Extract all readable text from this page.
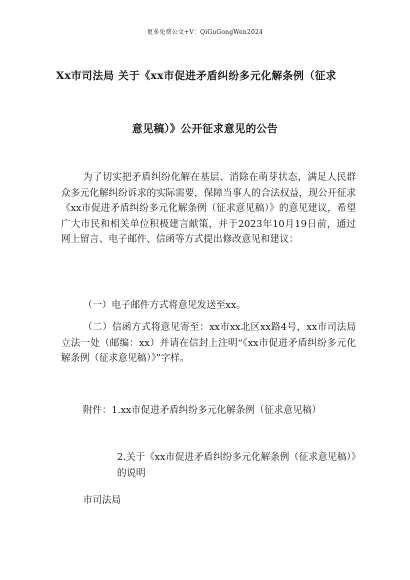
更多免费公文+V：QiGuGongWen2024
Xx市司法局 关于《xx市促进矛盾纠纷多元化解条例（征求
意见稿）》公开征求意见的公告
为了切实把矛盾纠纷化解在基层、消除在萌芽状态，满足人民群众多元化解纠纷诉求的实际需要，保障当事人的合法权益，现公开征求《xx市促进矛盾纠纷多元化解条例（征求意见稿）》的意见建议，希望广大市民和相关单位积极建言献策，并于2023年10月19日前，通过网上留言、电子邮件、信函等方式提出修改意见和建议：
（一）电子邮件方式将意见发送至xx。
（二）信函方式将意见寄至：xx市xx北区xx路4号，xx市司法局立法一处（邮编：xx）并请在信封上注明“《xx市促进矛盾纠纷多元化解条例（征求意见稿）》”字样。
附件：1.xx市促进矛盾纠纷多元化解条例（征求意见稿）
2.关于《xx市促进矛盾纠纷多元化解条例（征求意见稿）》的说明
市司法局
